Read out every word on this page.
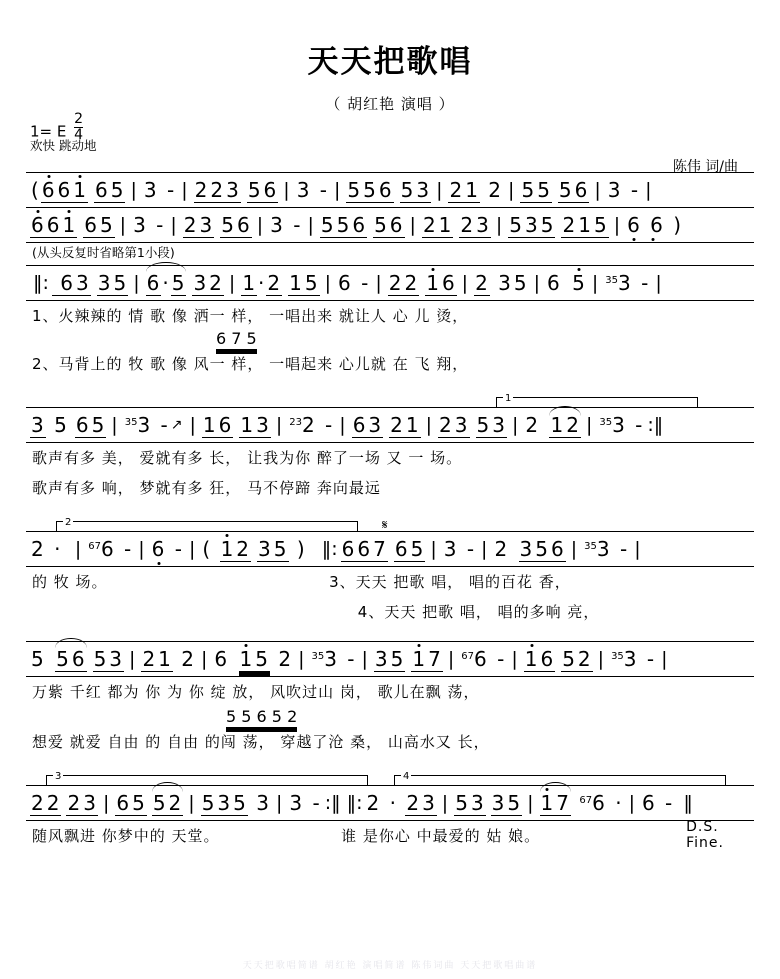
天天把歌唱
（ 胡红艳 演唱 ）
1= E $\frac{2}{4}$
欢快 跳动地
陈伟 词/曲
( 6 6 1 6 5 | 3 - | 2 2 3 5 6 | 3 - | 5 5 6 5 3 | 2 1 2 | 5 5 5 6 | 3 - |
6 6 1 6 5 | 3 - | 2 3 5 6 | 3 - | 5 5 6 5 6 | 2 1 2 3 | 5 3 5 2 1 5 | 6 6 )
(从头反复时省略第1小段)
‖: 6 3 3 5 | 6 · 5 3 2 | 1 · 2 1 5 | 6 - | 2 2 1 6 | 2 3 5 | 6
5 | $^{35}$3 - |
1、火辣辣的 情 歌 像 洒一 样， 一唱出来 就让人 心 儿 烫，
6 7 5
2、马背上的 牧 歌 像 风一 样， 一唱起来 心儿就 在 飞 翔，
1
3 5 6 5 | $^{35}$3 - ↗ | 1 6 1 3 | $^{23}$2 - | 6 3 2 1 | 2 3 5 3 | 2
1 2 | $^{35}$3 - :‖
歌声有多 美， 爱就有多 长， 让我为你 醉了一场 又 一 场。
歌声有多 响， 梦就有多 狂， 马不停蹄 奔向最远
2	𝄋
2 · | $^{67}$6 - | 6 - | ( 1 2 3 5 ) ‖: 6 6 7 6 5 | 3 - | 2
3 5 6 | $^{35}$3 - |
的 牧 场。	3、天天 把歌 唱， 唱的百花 香，
4、天天 把歌 唱， 唱的多响 亮，
5
5 6 5 3 | 2 1 2 | 6
1 5 2 | $^{35}$3 - | 3 5 1 7 | $^{67}$6 - | 1 6 5 2 | $^{35}$3 - |
万紫 千红 都为 你 为 你 绽 放， 风吹过山 岗， 歌儿在飘 荡，
5 5 6 5 2
想爱 就爱 自由 的 自由 的闯 荡， 穿越了沧 桑， 山高水又 长，
3	4
2 2 2 3 | 6 5 5 2 | 5 3 5 3 | 3 - :‖ ‖: 2 · 2 3 | 5 3 3 5 | 1 7 $^{67}$6 · | 6 - ‖
随风飘进 你梦中的 天堂。	谁 是你心 中最爱的 姑 娘。	D.S.
Fine.
天天把歌唱简谱 胡红艳 演唱简谱 陈伟词曲 天天把歌唱曲谱
